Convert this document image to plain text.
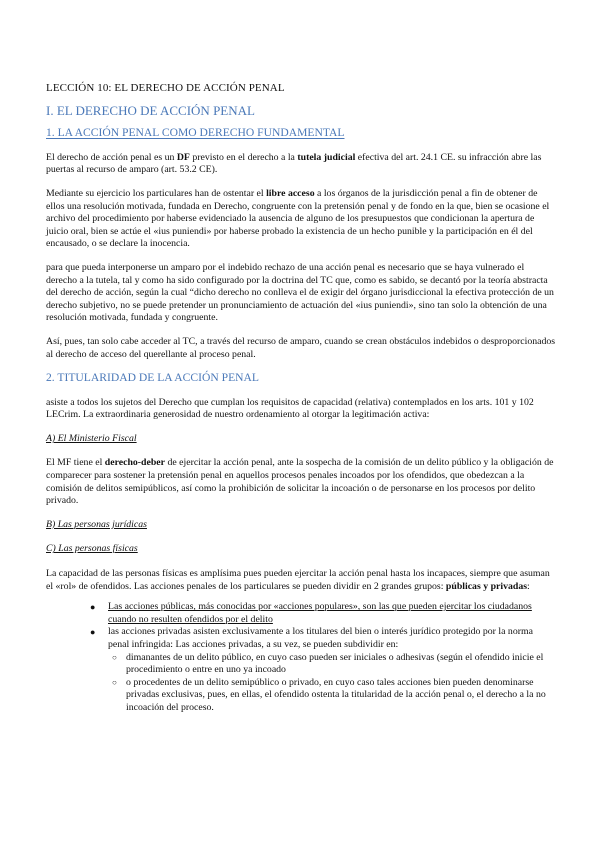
LECCIÓN 10: EL DERECHO DE ACCIÓN PENAL
I. EL DERECHO DE ACCIÓN PENAL
1. LA ACCIÓN PENAL COMO DERECHO FUNDAMENTAL

El derecho de acción penal es un DF previsto en el derecho a la tutela judicial efectiva del art. 24.1 CE. su infracción abre las puertas al recurso de amparo (art. 53.2 CE).

Mediante su ejercicio los particulares han de ostentar el libre acceso a los órganos de la jurisdicción penal a fin de obtener de ellos una resolución motivada, fundada en Derecho, congruente con la pretensión penal y de fondo en la que, bien se ocasione el archivo del procedimiento por haberse evidenciado la ausencia de alguno de los presupuestos que condicionan la apertura de juicio oral, bien se actúe el «ius puniendi» por haberse probado la existencia de un hecho punible y la participación en él del encausado, o se declare la inocencia.

para que pueda interponerse un amparo por el indebido rechazo de una acción penal es necesario que se haya vulnerado el derecho a la tutela, tal y como ha sido configurado por la doctrina del TC que, como es sabido, se decantó por la teoría abstracta del derecho de acción, según la cual “dicho derecho no conlleva el de exigir del órgano jurisdiccional la efectiva protección de un derecho subjetivo, no se puede pretender un pronunciamiento de actuación del «ius puniendi», sino tan solo la obtención de una resolución motivada, fundada y congruente.

Así, pues, tan solo cabe acceder al TC, a través del recurso de amparo, cuando se crean obstáculos indebidos o desproporcionados al derecho de acceso del querellante al proceso penal.

2. TITULARIDAD DE LA ACCIÓN PENAL

asiste a todos los sujetos del Derecho que cumplan los requisitos de capacidad (relativa) contemplados en los arts. 101 y 102 LECrim. La extraordinaria generosidad de nuestro ordenamiento al otorgar la legitimación activa:

A) El Ministerio Fiscal

El MF tiene el derecho-deber de ejercitar la acción penal, ante la sospecha de la comisión de un delito público y la obligación de comparecer para sostener la pretensión penal en aquellos procesos penales incoados por los ofendidos, que obedezcan a la comisión de delitos semipúblicos, así como la prohibición de solicitar la incoación o de personarse en los procesos por delito privado.

B) Las personas jurídicas
C) Las personas físicas

La capacidad de las personas físicas es amplísima pues pueden ejercitar la acción penal hasta los incapaces, siempre que asuman el «rol» de ofendidos. Las acciones penales de los particulares se pueden dividir en 2 grandes grupos: públicas y privadas:

● Las acciones públicas, más conocidas por «acciones populares», son las que pueden ejercitar los ciudadanos cuando no resulten ofendidos por el delito
● las acciones privadas asisten exclusivamente a los titulares del bien o interés jurídico protegido por la norma penal infringida: Las acciones privadas, a su vez, se pueden subdividir en:
○ dimanantes de un delito público, en cuyo caso pueden ser iniciales o adhesivas (según el ofendido inicie el procedimiento o entre en uno ya incoado
○ o procedentes de un delito semipúblico o privado, en cuyo caso tales acciones bien pueden denominarse privadas exclusivas, pues, en ellas, el ofendido ostenta la titularidad de la acción penal o, el derecho a la no incoación del proceso.
